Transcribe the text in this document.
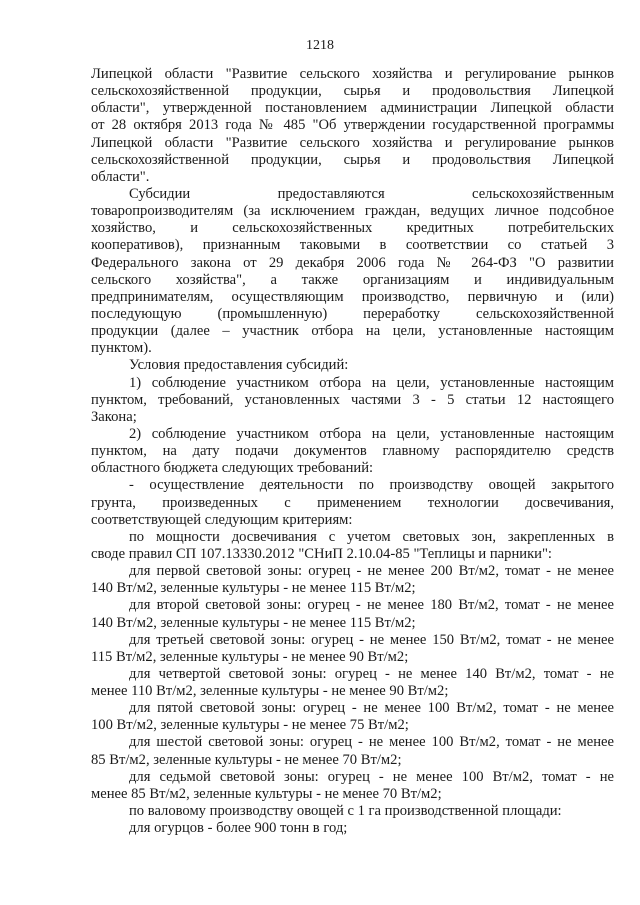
1218
Липецкой области "Развитие сельского хозяйства и регулирование рынков
сельскохозяйственной продукции, сырья и продовольствия Липецкой
области", утвержденной постановлением администрации Липецкой области
от 28 октября 2013 года № 485 "Об утверждении государственной программы
Липецкой области "Развитие сельского хозяйства и регулирование рынков
сельскохозяйственной продукции, сырья и продовольствия Липецкой
области".
Субсидии предоставляются сельскохозяйственным
товаропроизводителям (за исключением граждан, ведущих личное подсобное
хозяйство, и сельскохозяйственных кредитных потребительских
кооперативов), признанным таковыми в соответствии со статьей 3
Федерального закона от 29 декабря 2006 года № 264-ФЗ "О развитии
сельского хозяйства", а также организациям и индивидуальным
предпринимателям, осуществляющим производство, первичную и (или)
последующую (промышленную) переработку сельскохозяйственной
продукции (далее – участник отбора на цели, установленные настоящим
пунктом).
Условия предоставления субсидий:
1) соблюдение участником отбора на цели, установленные настоящим
пунктом, требований, установленных частями 3 - 5 статьи 12 настоящего
Закона;
2) соблюдение участником отбора на цели, установленные настоящим
пунктом, на дату подачи документов главному распорядителю средств
областного бюджета следующих требований:
- осуществление деятельности по производству овощей закрытого
грунта, произведенных с применением технологии досвечивания,
соответствующей следующим критериям:
по мощности досвечивания с учетом световых зон, закрепленных в
своде правил СП 107.13330.2012 "СНиП 2.10.04-85 "Теплицы и парники":
для первой световой зоны: огурец - не менее 200 Вт/м2, томат - не менее
140 Вт/м2, зеленные культуры - не менее 115 Вт/м2;
для второй световой зоны: огурец - не менее 180 Вт/м2, томат - не менее
140 Вт/м2, зеленные культуры - не менее 115 Вт/м2;
для третьей световой зоны: огурец - не менее 150 Вт/м2, томат - не менее
115 Вт/м2, зеленные культуры - не менее 90 Вт/м2;
для четвертой световой зоны: огурец - не менее 140 Вт/м2, томат - не
менее 110 Вт/м2, зеленные культуры - не менее 90 Вт/м2;
для пятой световой зоны: огурец - не менее 100 Вт/м2, томат - не менее
100 Вт/м2, зеленные культуры - не менее 75 Вт/м2;
для шестой световой зоны: огурец - не менее 100 Вт/м2, томат - не менее
85 Вт/м2, зеленные культуры - не менее 70 Вт/м2;
для седьмой световой зоны: огурец - не менее 100 Вт/м2, томат - не
менее 85 Вт/м2, зеленные культуры - не менее 70 Вт/м2;
по валовому производству овощей с 1 га производственной площади:
для огурцов - более 900 тонн в год;
